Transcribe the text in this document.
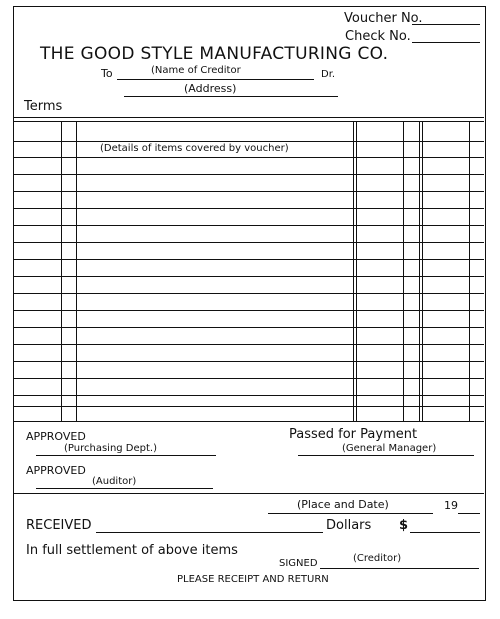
Voucher No.
Check No.
THE GOOD STYLE MANUFACTURING CO.
To	(Name of Creditor	Dr.
(Address)
Terms
(Details of items covered by voucher)
APPROVED
(Purchasing Dept.)
APPROVED
(Auditor)
Passed for Payment
(General Manager)
(Place and Date)	19
RECEIVED	Dollars $
In full settlement of above items
SIGNED	(Creditor)
PLEASE RECEIPT AND RETURN
